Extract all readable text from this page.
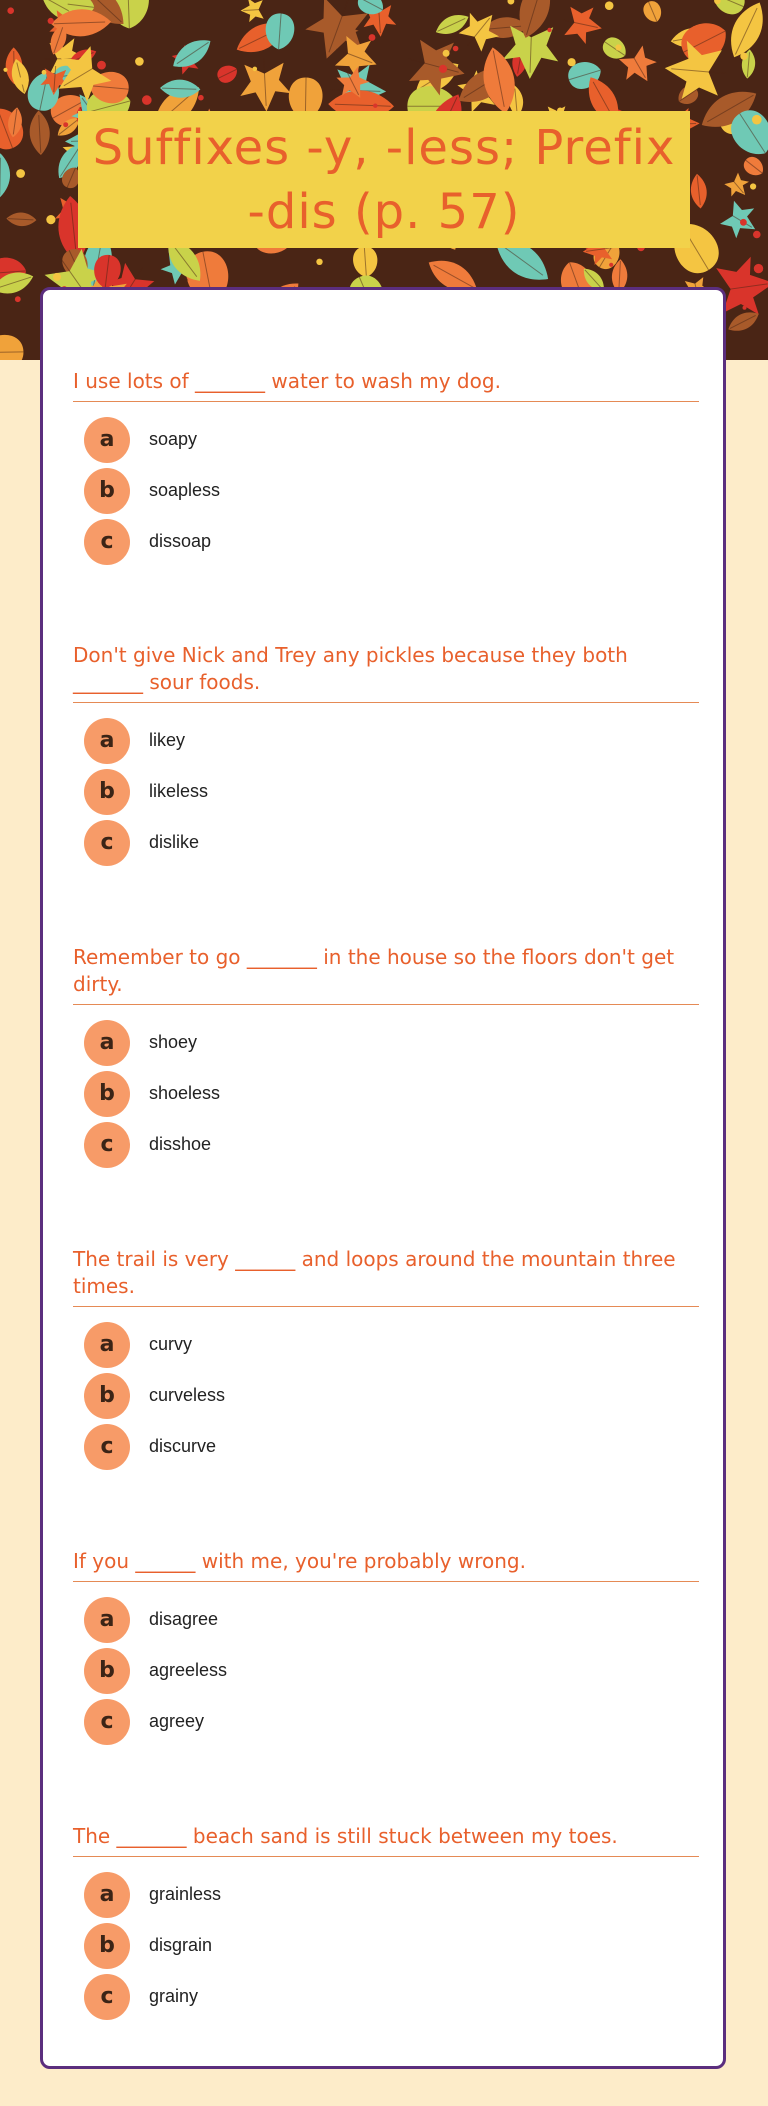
Suffixes -y, -less; Prefix -dis (p. 57)

I use lots of _______ water to wash my dog.

a	soapy
b	soapless
c	dissoap

Don't give Nick and Trey any pickles because they both _______ sour foods.

a	likey
b	likeless
c	dislike

Remember to go _______ in the house so the floors don't get dirty.

a	shoey
b	shoeless
c	disshoe

The trail is very ______ and loops around the mountain three times.

a	curvy
b	curveless
c	discurve

If you ______ with me, you're probably wrong.

a	disagree
b	agreeless
c	agreey

The _______ beach sand is still stuck between my toes.

a	grainless
b	disgrain
c	grainy
